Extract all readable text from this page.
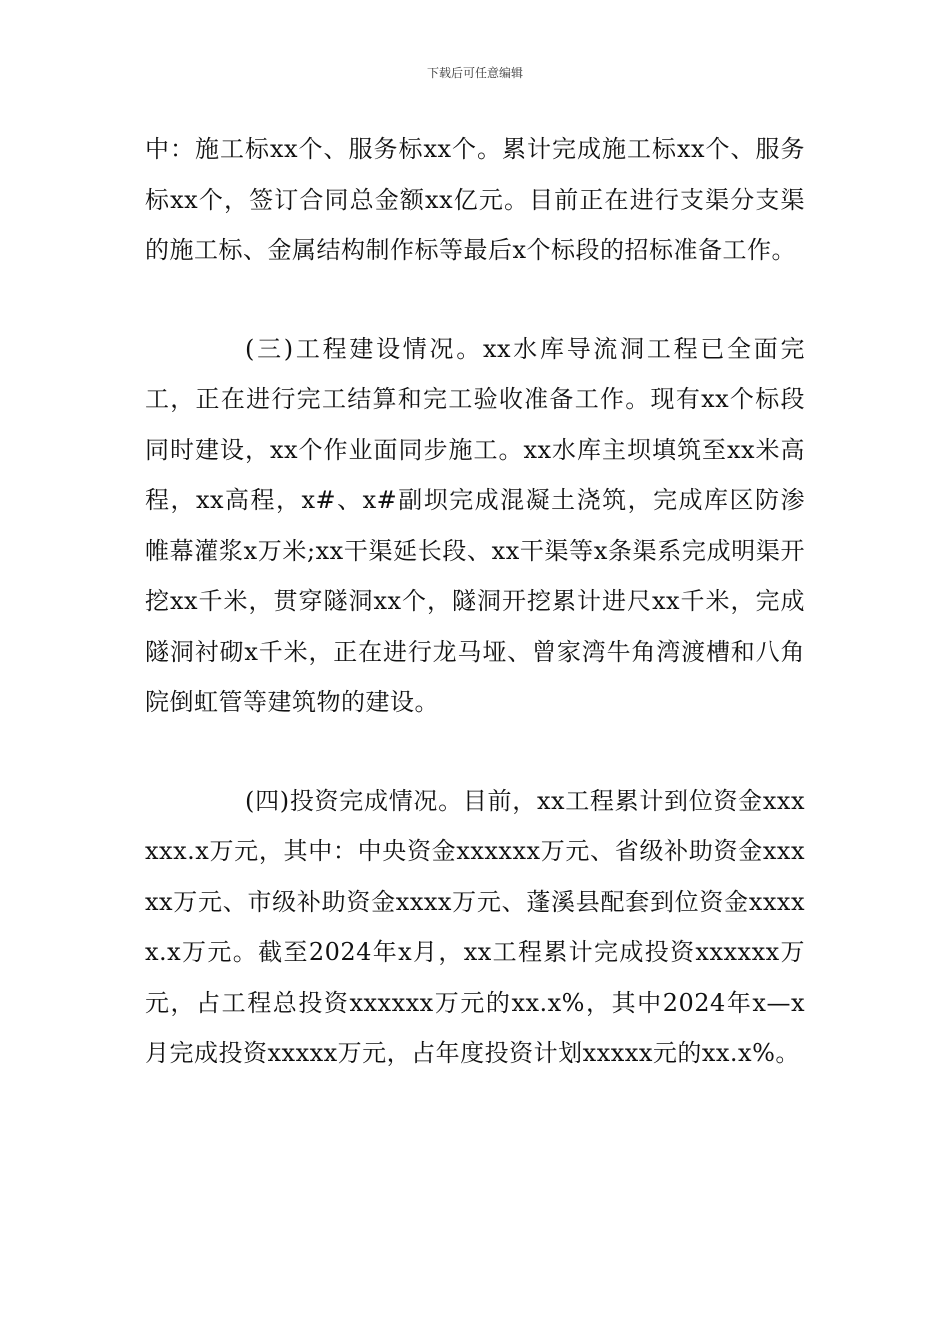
下载后可任意编辑

中：施工标xx个、服务标xx个。累计完成施工标xx个、服务标xx个，签订合同总金额xx亿元。目前正在进行支渠分支渠的施工标、金属结构制作标等最后x个标段的招标准备工作。

(三)工程建设情况。xx水库导流洞工程已全面完工，正在进行完工结算和完工验收准备工作。现有xx个标段同时建设，xx个作业面同步施工。xx水库主坝填筑至xx米高程，xx高程，x#、x#副坝完成混凝土浇筑，完成库区防渗帷幕灌浆x万米;xx干渠延长段、xx干渠等x条渠系完成明渠开挖xx千米，贯穿隧洞xx个，隧洞开挖累计进尺xx千米，完成隧洞衬砌x千米，正在进行龙马垭、曾家湾牛角湾渡槽和八角院倒虹管等建筑物的建设。

(四)投资完成情况。目前，xx工程累计到位资金xxxxxx.x万元，其中：中央资金xxxxxx万元、省级补助资金xxxxx万元、市级补助资金xxxx万元、蓬溪县配套到位资金xxxxx.x万元。截至2024年x月，xx工程累计完成投资xxxxxx万元，占工程总投资xxxxxx万元的xx.x%，其中2024年x—x月完成投资xxxxx万元，占年度投资计划xxxxx元的xx.x%。
